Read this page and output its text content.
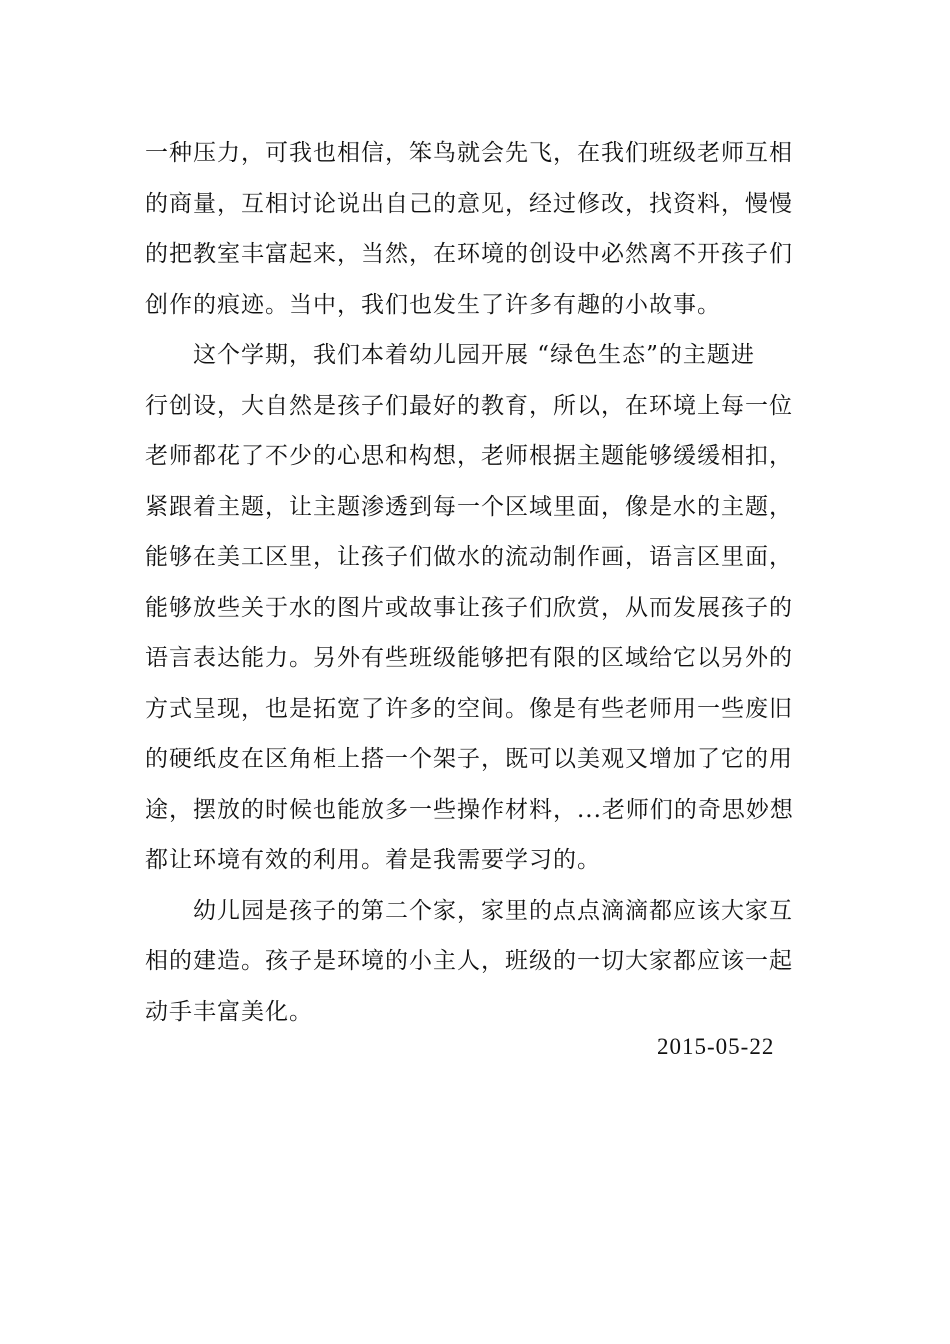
一种压力，可我也相信，笨鸟就会先飞，在我们班级老师互相
的商量，互相讨论说出自己的意见，经过修改，找资料，慢慢
的把教室丰富起来，当然，在环境的创设中必然离不开孩子们
创作的痕迹。当中，我们也发生了许多有趣的小故事。
　　这个学期，我们本着幼儿园开展 “绿色生态”的主题进
行创设，大自然是孩子们最好的教育，所以，在环境上每一位
老师都花了不少的心思和构想，老师根据主题能够缓缓相扣，
紧跟着主题，让主题渗透到每一个区域里面，像是水的主题，
能够在美工区里，让孩子们做水的流动制作画，语言区里面，
能够放些关于水的图片或故事让孩子们欣赏，从而发展孩子的
语言表达能力。另外有些班级能够把有限的区域给它以另外的
方式呈现，也是拓宽了许多的空间。像是有些老师用一些废旧
的硬纸皮在区角柜上搭一个架子，既可以美观又增加了它的用
途，摆放的时候也能放多一些操作材料，...老师们的奇思妙想
都让环境有效的利用。着是我需要学习的。
　　幼儿园是孩子的第二个家，家里的点点滴滴都应该大家互
相的建造。孩子是环境的小主人，班级的一切大家都应该一起
动手丰富美化。
2015-05-22
